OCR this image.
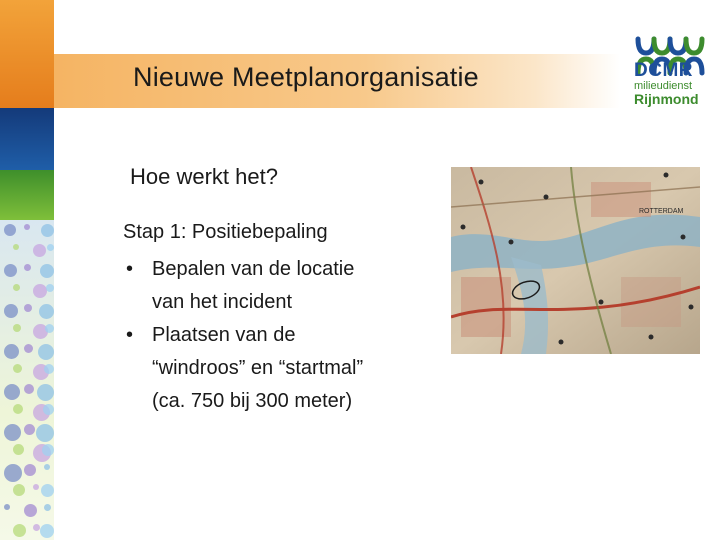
Nieuwe Meetplanorganisatie	DCMR
milieudienst
Rijnmond
Hoe werkt het?
Stap 1: Positiebepaling
• Bepalen van de locatie
van het incident
• Plaatsen van de
“windroos” en “startmal”
(ca. 750 bij 300 meter)
ROTTERDAM
